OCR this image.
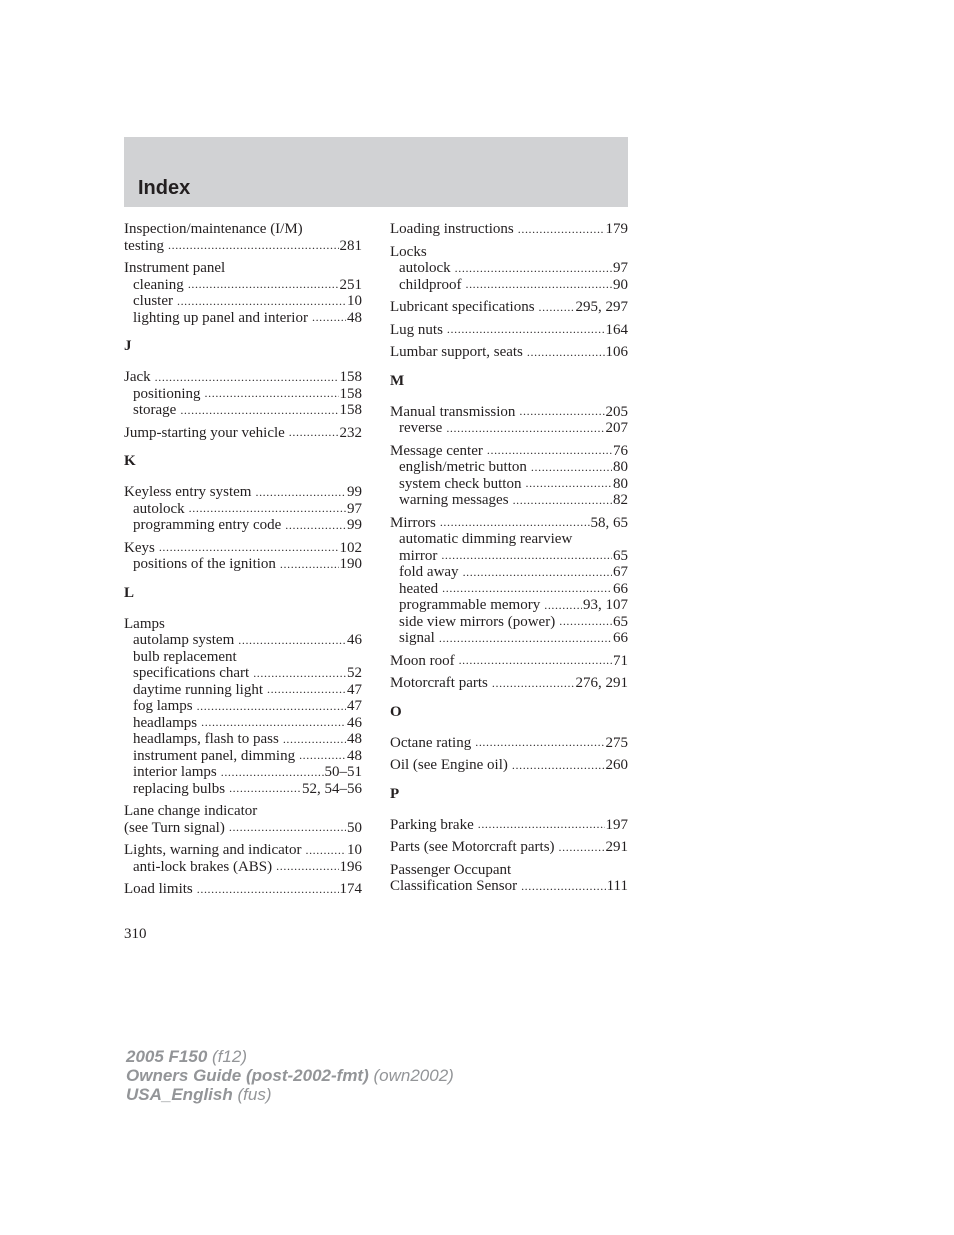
Index
Inspection/maintenance (I/M)
testing .....	281
Instrument panel
cleaning .....	251
cluster .....	10
lighting up panel and interior .....	48
J
Jack .....	158
positioning .....	158
storage .....	158
Jump-starting your vehicle .....	232
K
Keyless entry system .....	99
autolock .....	97
programming entry code .....	99
Keys .....	102
positions of the ignition .....	190
L
Lamps
autolamp system .....	46
bulb replacement
specifications chart .....	52
daytime running light .....	47
fog lamps .....	47
headlamps .....	46
headlamps, flash to pass .....	48
instrument panel, dimming .....	48
interior lamps .....	50–51
replacing bulbs .....	52, 54–56
Lane change indicator
(see Turn signal) .....	50
Lights, warning and indicator .....	10
anti-lock brakes (ABS) .....	196
Load limits .....	174
Loading instructions .....	179
Locks
autolock .....	97
childproof .....	90
Lubricant specifications .....	295, 297
Lug nuts .....	164
Lumbar support, seats .....	106
M
Manual transmission .....	205
reverse .....	207
Message center .....	76
english/metric button .....	80
system check button .....	80
warning messages .....	82
Mirrors .....	58, 65
automatic dimming rearview
mirror .....	65
fold away .....	67
heated .....	66
programmable memory .....	93, 107
side view mirrors (power) .....	65
signal .....	66
Moon roof .....	71
Motorcraft parts .....	276, 291
O
Octane rating .....	275
Oil (see Engine oil) .....	260
P
Parking brake .....	197
Parts (see Motorcraft parts) .....	291
Passenger Occupant
Classification Sensor .....	111
310
2005 F150 (f12)
Owners Guide (post-2002-fmt) (own2002)
USA_English (fus)
